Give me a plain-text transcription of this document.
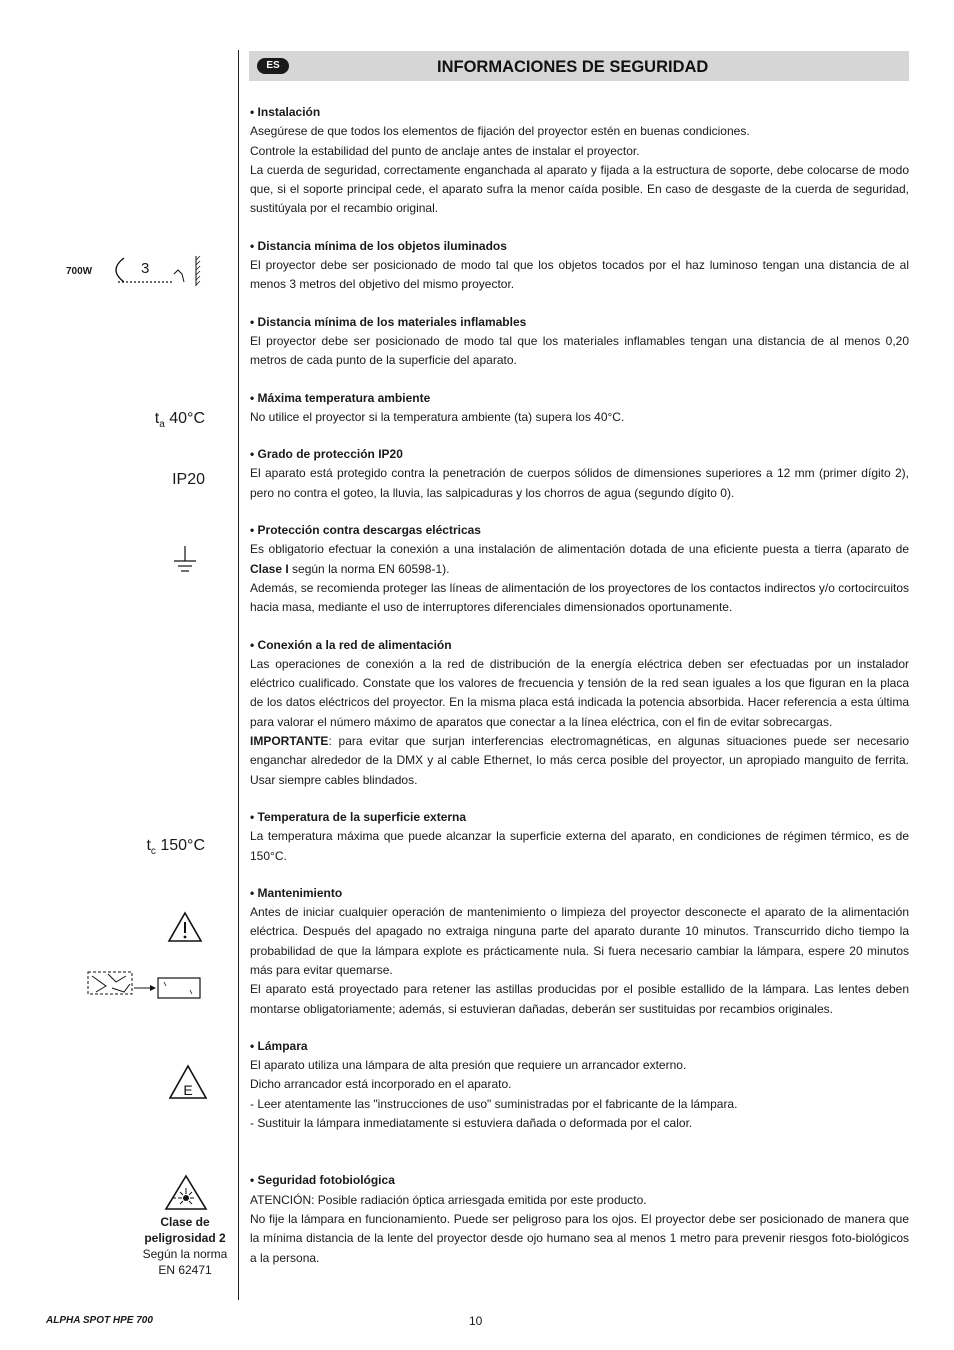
ES	INFORMACIONES DE SEGURIDAD
700W	3
$t_a$ 40°C
IP20
$t_c$ 150°C
E
Clase de
peligrosidad 2
Según la norma
EN 62471

• Instalación

Asegúrese de que todos los elementos de fijación del proyector estén en buenas condiciones.

Controle la estabilidad del punto de anclaje antes de instalar el proyector.

La cuerda de seguridad, correctamente enganchada al aparato y fijada a la estructura de soporte, debe colocarse de modo que, si el soporte principal cede, el aparato sufra la menor caída posible. En caso de desgaste de la cuerda de seguridad, sustitúyala por el recambio original.

• Distancia mínima de los objetos iluminados

El proyector debe ser posicionado de modo tal que los objetos tocados por el haz luminoso tengan una distancia de al menos 3 metros del objetivo del mismo proyector.

• Distancia mínima de los materiales inflamables

El proyector debe ser posicionado de modo tal que los materiales inflamables tengan una distancia de al menos 0,20 metros de cada punto de la superficie del aparato.

• Máxima temperatura ambiente

No utilice el proyector si la temperatura ambiente (ta) supera los 40°C.

• Grado de protección IP20

El aparato está protegido contra la penetración de cuerpos sólidos de dimensiones superiores a 12 mm (primer dígito 2), pero no contra el goteo, la lluvia, las salpicaduras y los chorros de agua (segundo dígito 0).

• Protección contra descargas eléctricas

Es obligatorio efectuar la conexión a una instalación de alimentación dotada de una eficiente puesta a tierra (aparato de Clase I según la norma EN 60598-1).

Además, se recomienda proteger las líneas de alimentación de los proyectores de los contactos indirectos y/o cortocircuitos hacia masa, mediante el uso de interruptores diferenciales dimensionados oportunamente.

• Conexión a la red de alimentación

Las operaciones de conexión a la red de distribución de la energía eléctrica deben ser efectuadas por un instalador eléctrico cualificado. Constate que los valores de frecuencia y tensión de la red sean iguales a los que figuran en la placa de los datos eléctricos del proyector. En la misma placa está indicada la potencia absorbida. Hacer referencia a esta última para valorar el número máximo de aparatos que conectar a la línea eléctrica, con el fin de evitar sobrecargas.

IMPORTANTE: para evitar que surjan interferencias electromagnéticas, en algunas situaciones puede ser necesario enganchar alrededor de la DMX y al cable Ethernet, lo más cerca posible del proyector, un apropiado manguito de ferrita. Usar siempre cables blindados.

• Temperatura de la superficie externa

La temperatura máxima que puede alcanzar la superficie externa del aparato, en condiciones de régimen térmico, es de 150°C.

• Mantenimiento

Antes de iniciar cualquier operación de mantenimiento o limpieza del proyector desconecte el aparato de la alimentación eléctrica. Después del apagado no extraiga ninguna parte del aparato durante 10 minutos. Transcurrido dicho tiempo la probabilidad de que la lámpara explote es prácticamente nula. Si fuera necesario cambiar la lámpara, espere 20 minutos más para evitar quemarse.

El aparato está proyectado para retener las astillas producidas por el posible estallido de la lámpara. Las lentes deben montarse obligatoriamente; además, si estuvieran dañadas, deberán ser sustituidas por recambios originales.

• Lámpara

El aparato utiliza una lámpara de alta presión que requiere un arrancador externo.

Dicho arrancador está incorporado en el aparato.

- Leer atentamente las "instrucciones de uso" suministradas por el fabricante de la lámpara.

- Sustituir la lámpara inmediatamente si estuviera dañada o deformada por el calor.

• Seguridad fotobiológica

ATENCIÓN: Posible radiación óptica arriesgada emitida por este producto.

No fije la lámpara en funcionamiento. Puede ser peligroso para los ojos. El proyector debe ser posicionado de manera que la mínima distancia de la lente del proyector desde ojo humano sea al menos 1 metro para prevenir riesgos foto-biológicos a la persona.

ALPHA SPOT HPE 700	10
